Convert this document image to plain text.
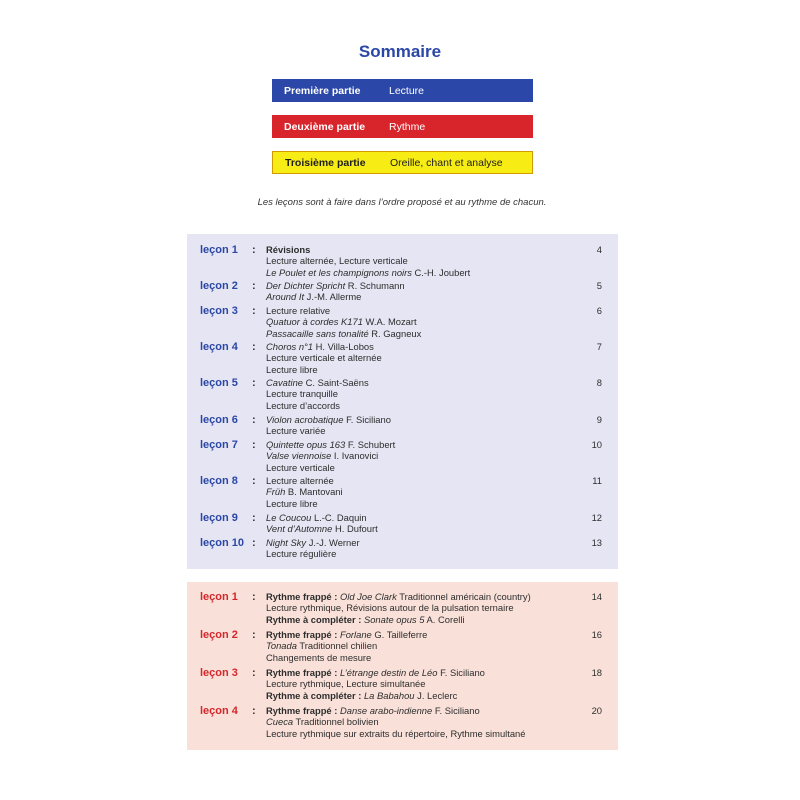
Sommaire
Première partie	Lecture
Deuxième partie	Rythme
Troisième partie	Oreille, chant et analyse
Les leçons sont à faire dans l’ordre proposé et au rythme de chacun.
leçon 1 : Révisions
Lecture alternée, Lecture verticale
Le Poulet et les champignons noirs C.-H. Joubert
4
leçon 2 : Der Dichter Spricht R. Schumann
Around It J.-M. Allerme
5
leçon 3 : Lecture relative
Quatuor à cordes K171 W.A. Mozart
Passacaille sans tonalité R. Gagneux
6
leçon 4 : Choros n°1 H. Villa-Lobos
Lecture verticale et alternée
Lecture libre
7
leçon 5 : Cavatine C. Saint-Saëns
Lecture tranquille
Lecture d’accords
8
leçon 6 : Violon acrobatique F. Siciliano
Lecture variée
9
leçon 7 : Quintette opus 163 F. Schubert
Valse viennoise I. Ivanovici
Lecture verticale
10
leçon 8 : Lecture alternée
Früh B. Mantovani
Lecture libre
11
leçon 9 : Le Coucou L.-C. Daquin
Vent d’Automne H. Dufourt
12
leçon 10 : Night Sky J.-J. Werner
Lecture régulière
13
leçon 1 : Rythme frappé : Old Joe Clark Traditionnel américain (country)
Lecture rythmique, Révisions autour de la pulsation ternaire
Rythme à compléter : Sonate opus 5 A. Corelli
14
leçon 2 : Rythme frappé : Forlane G. Tailleferre
Tonada Traditionnel chilien
Changements de mesure
16
leçon 3 : Rythme frappé : L’étrange destin de Léo F. Siciliano
Lecture rythmique, Lecture simultanée
Rythme à compléter : La Babahou J. Leclerc
18
leçon 4 : Rythme frappé : Danse arabo-indienne F. Siciliano
Cueca Traditionnel bolivien
Lecture rythmique sur extraits du répertoire, Rythme simultané
20
